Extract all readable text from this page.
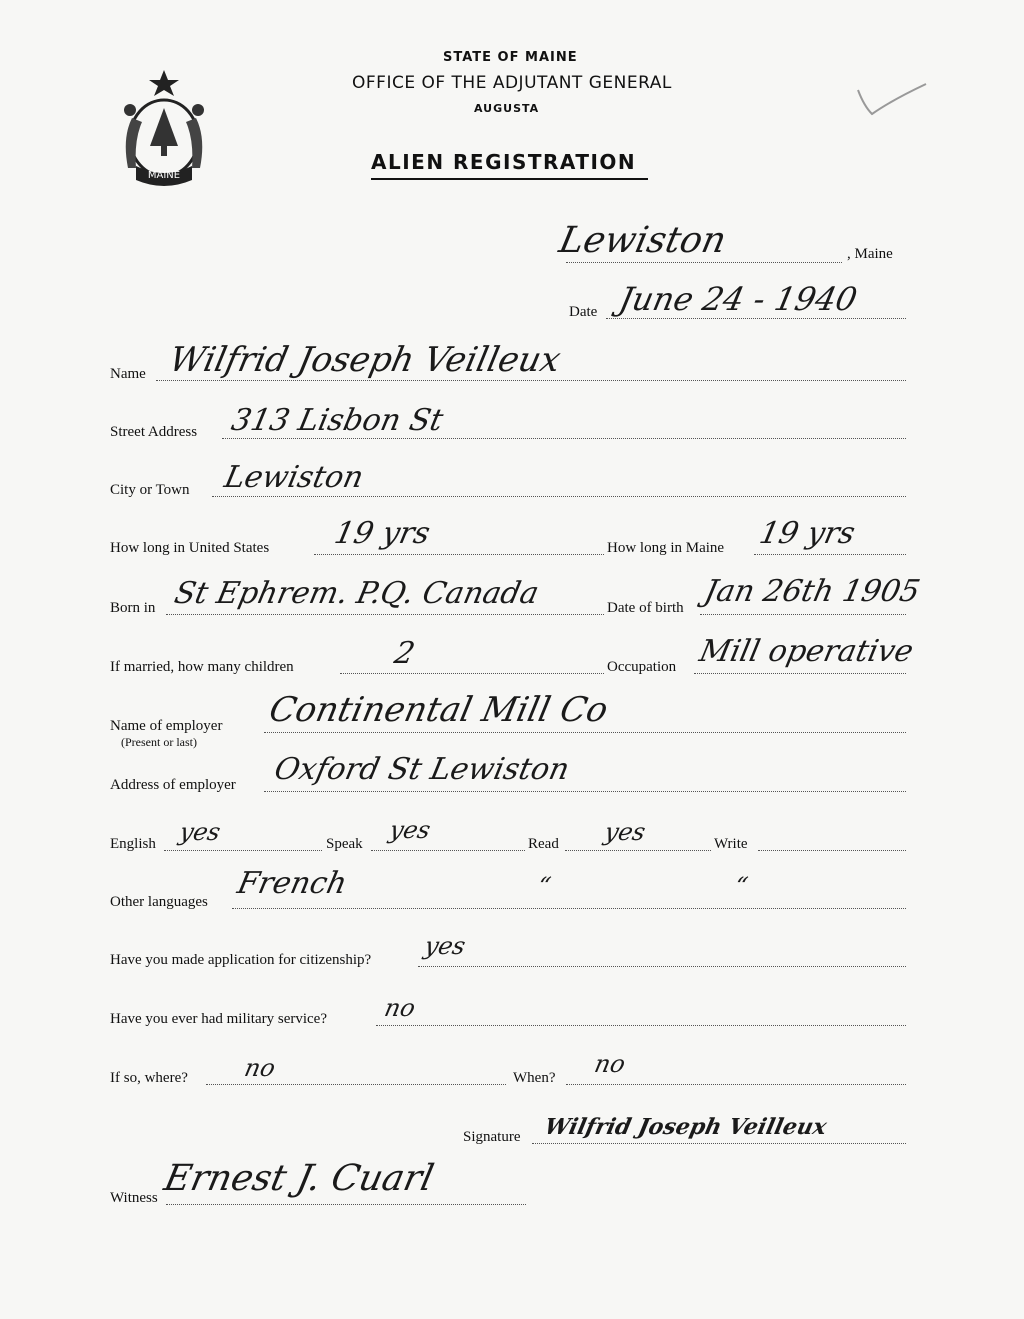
MAINE
STATE OF MAINE
OFFICE OF THE ADJUTANT GENERAL
AUGUSTA
ALIEN REGISTRATION
Lewiston	, Maine
Date June 24 - 1940
Name Wilfrid Joseph Veilleux
Street Address 313 Lisbon St
City or Town Lewiston
How long in United States 19 yrs	How long in Maine 19 yrs
Born in St Ephrem. P.Q. Canada	Date of birth Jan 26th 1905
If married, how many children	2	Occupation Mill operative
Name of employer
(Present or last)
Continental Mill Co
Address of employer Oxford St Lewiston
English yes	Speak yes	Read yes	Write
Other languages
French	“	“
Have you made application for citizenship? yes
Have you ever had military service? no
If so, where? no	When? no
Signature Wilfrid Joseph Veilleux
Witness Ernest J. Cuarl
